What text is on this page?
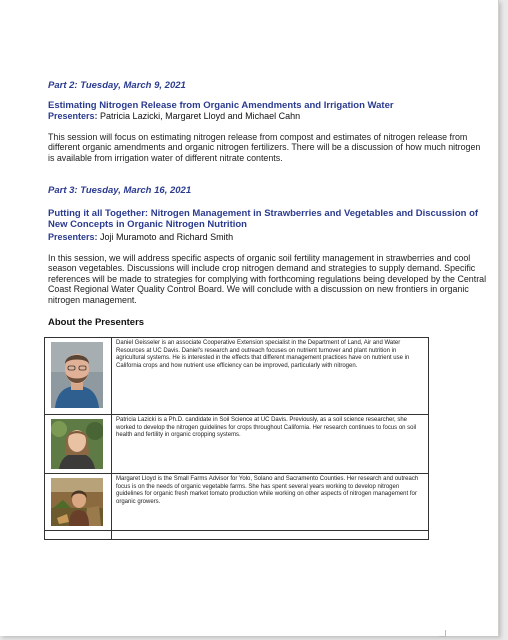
Part 2: Tuesday, March 9, 2021
Estimating Nitrogen Release from Organic Amendments and Irrigation Water
Presenters: Patricia Lazicki, Margaret Lloyd and Michael Cahn
This session will focus on estimating nitrogen release from compost and estimates of nitrogen release from different organic amendments and organic nitrogen fertilizers. There will be a discussion of how much nitrogen is available from irrigation water of different nitrate contents.
Part 3: Tuesday, March 16, 2021
Putting it all Together: Nitrogen Management in Strawberries and Vegetables and Discussion of New Concepts in Organic Nitrogen Nutrition
Presenters: Joji Muramoto and Richard Smith
In this session, we will address specific aspects of organic soil fertility management in strawberries and cool season vegetables. Discussions will include crop nitrogen demand and strategies to supply demand. Specific references will be made to strategies for complying with forthcoming regulations being developed by the Central Coast Regional Water Quality Control Board. We will conclude with a discussion on new frontiers in organic nitrogen management.
About the Presenters
	Daniel Geisseler is an associate Cooperative Extension specialist in the Department of Land, Air and Water Resources at UC Davis. Daniel's research and outreach focuses on nutrient turnover and plant nutrition in agricultural systems. He is interested in the effects that different management practices have on nutrient use in California crops and how nutrient use efficiency can be improved, particularly with nitrogen.

	Patricia Lazicki is a Ph.D. candidate in Soil Science at UC Davis. Previously, as a soil science researcher, she worked to develop the nitrogen guidelines for crops throughout California. Her research continues to focus on soil health and fertility in organic cropping systems.

	Margaret Lloyd is the Small Farms Advisor for Yolo, Solano and Sacramento Counties. Her research and outreach focus is on the needs of organic vegetable farms. She has spent several years working to develop nitrogen guidelines for organic fresh market tomato production while working on other aspects of nitrogen management for organic growers.
